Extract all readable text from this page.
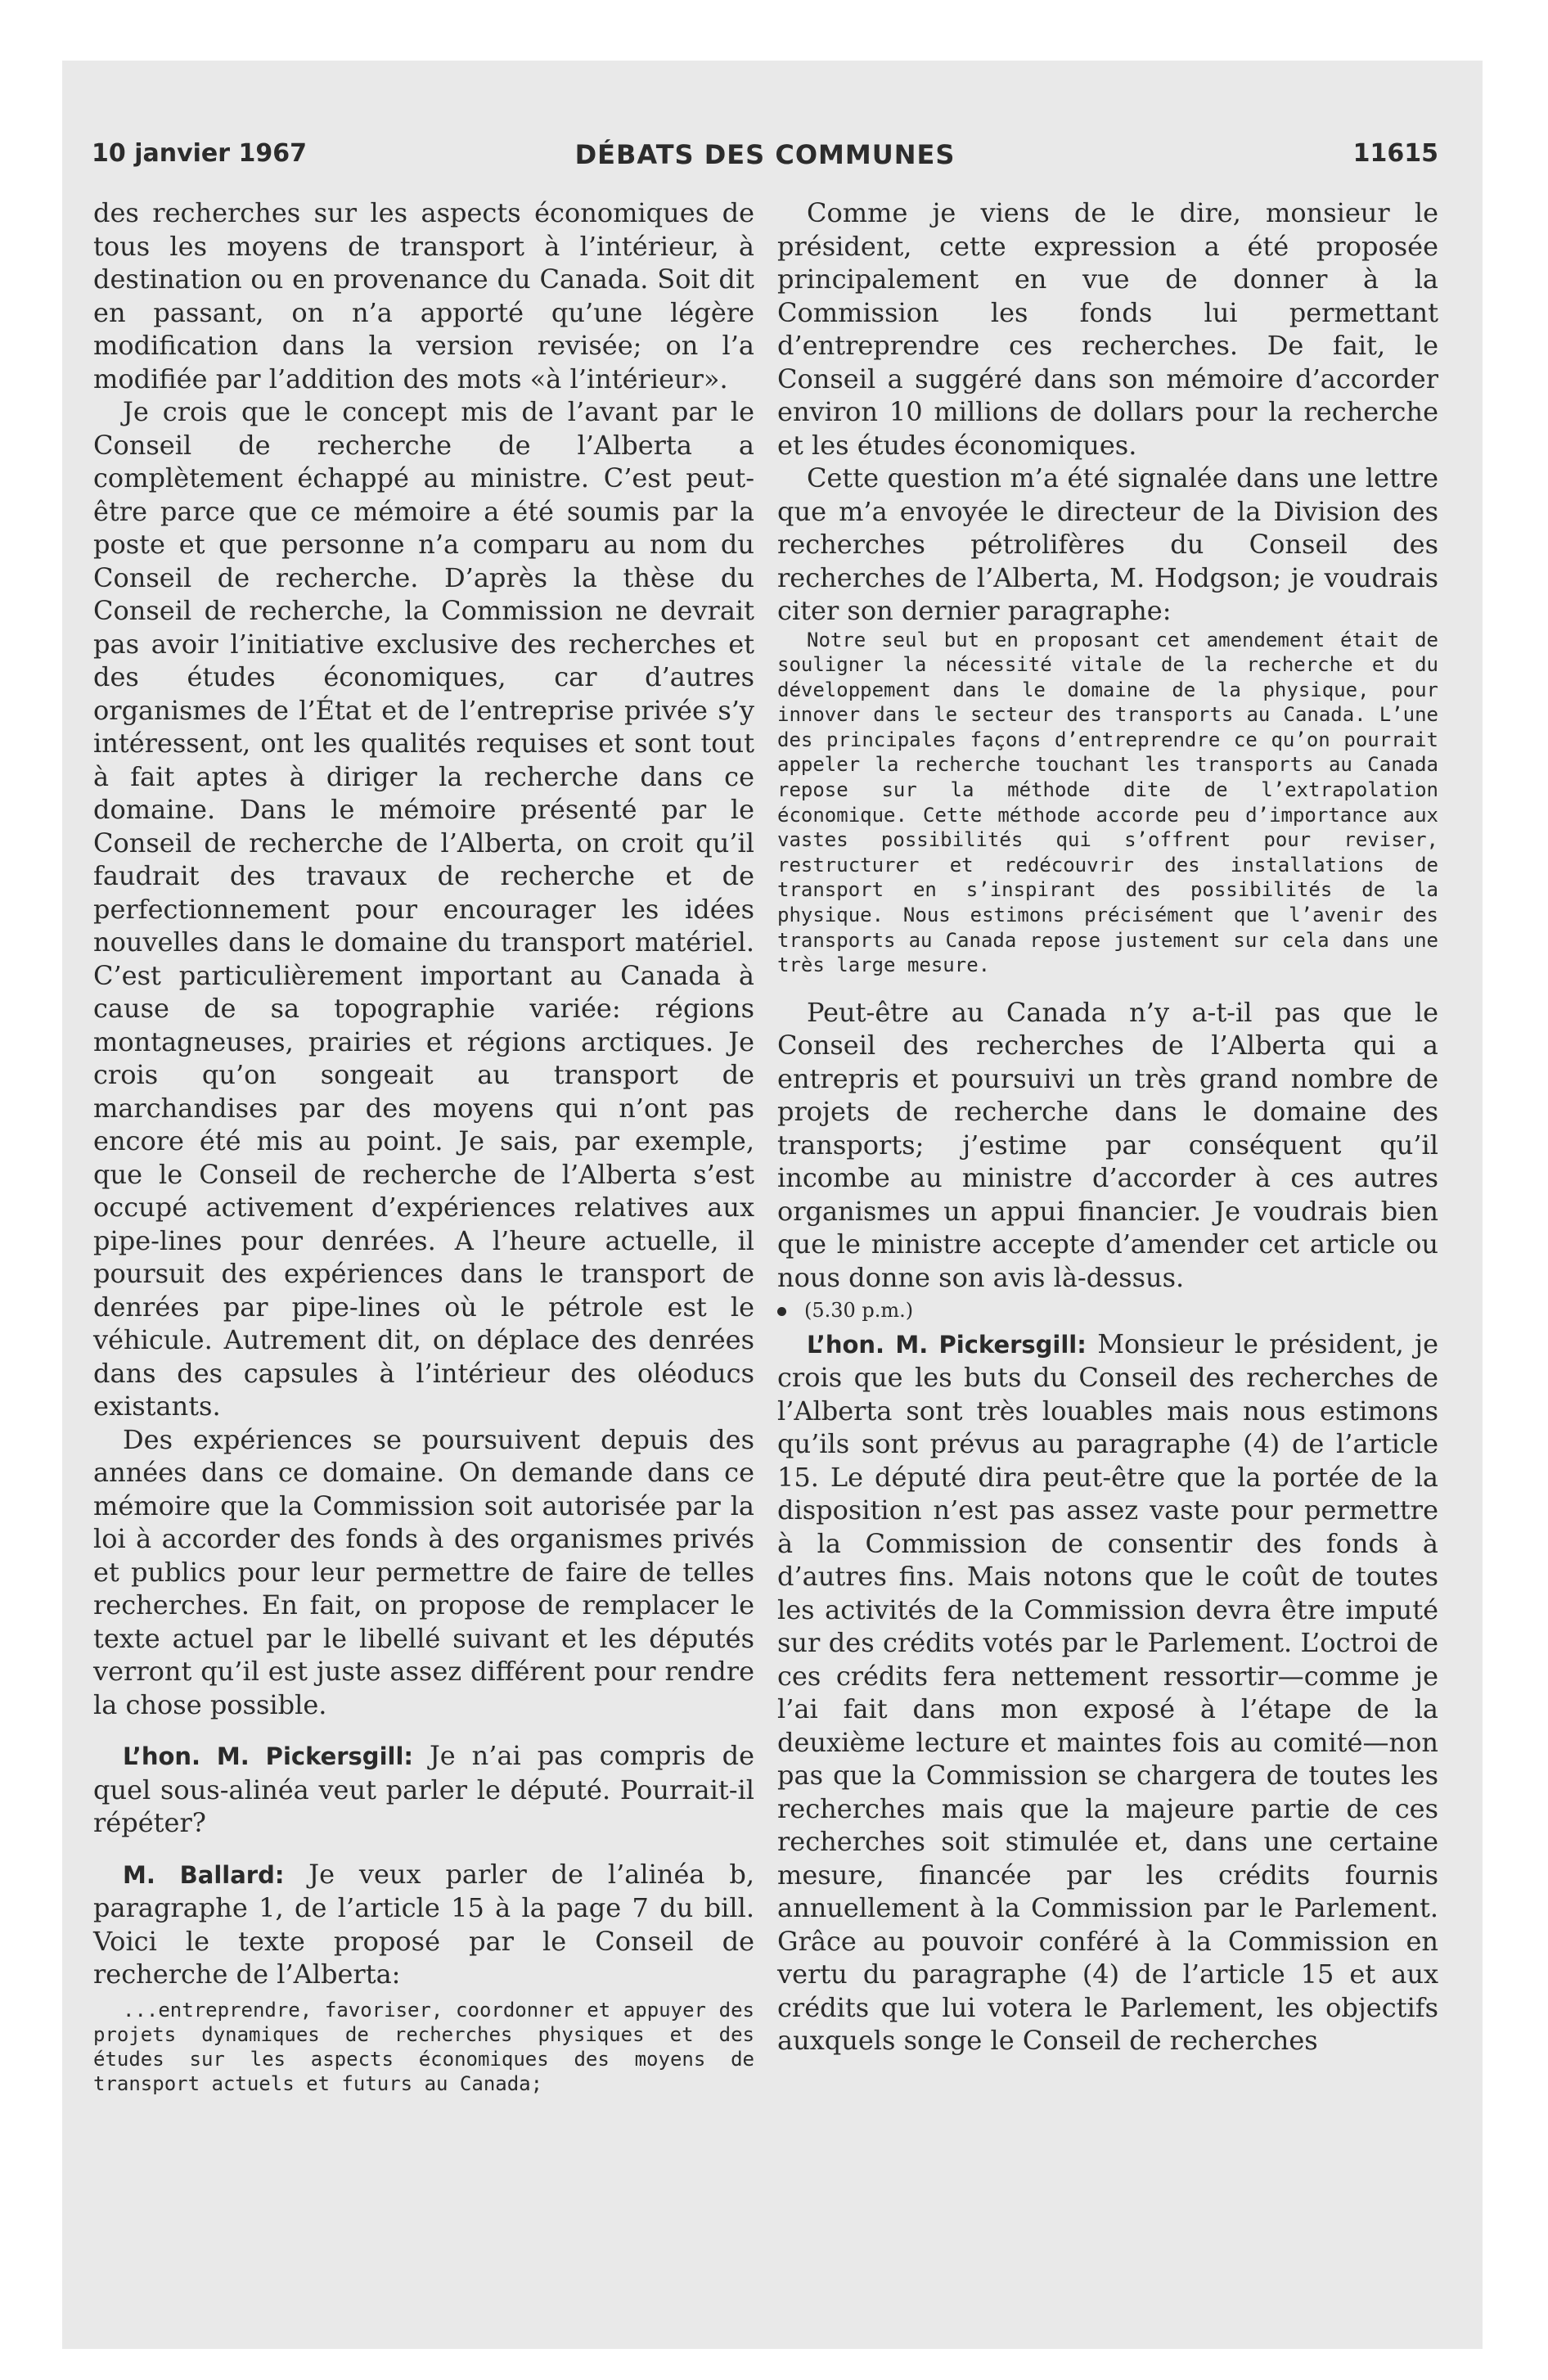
10 janvier 1967	DÉBATS DES COMMUNES	11615

des recherches sur les aspects économiques de tous les moyens de transport à l’intérieur, à destination ou en provenance du Canada. Soit dit en passant, on n’a apporté qu’une légère modification dans la version revisée; on l’a modifiée par l’addition des mots «à l’intérieur».

Je crois que le concept mis de l’avant par le Conseil de recherche de l’Alberta a complètement échappé au ministre. C’est peut-être parce que ce mémoire a été soumis par la poste et que personne n’a comparu au nom du Conseil de recherche. D’après la thèse du Conseil de recherche, la Commission ne devrait pas avoir l’initiative exclusive des recherches et des études économiques, car d’autres organismes de l’État et de l’entreprise privée s’y intéressent, ont les qualités requises et sont tout à fait aptes à diriger la recherche dans ce domaine. Dans le mémoire présenté par le Conseil de recherche de l’Alberta, on croit qu’il faudrait des travaux de recherche et de perfectionnement pour encourager les idées nouvelles dans le domaine du transport matériel. C’est particulièrement important au Canada à cause de sa topographie variée: régions montagneuses, prairies et régions arctiques. Je crois qu’on songeait au transport de marchandises par des moyens qui n’ont pas encore été mis au point. Je sais, par exemple, que le Conseil de recherche de l’Alberta s’est occupé activement d’expériences relatives aux pipe-lines pour denrées. A l’heure actuelle, il poursuit des expériences dans le transport de denrées par pipe-lines où le pétrole est le véhicule. Autrement dit, on déplace des denrées dans des capsules à l’intérieur des oléoducs existants.

Des expériences se poursuivent depuis des années dans ce domaine. On demande dans ce mémoire que la Commission soit autorisée par la loi à accorder des fonds à des organismes privés et publics pour leur permettre de faire de telles recherches. En fait, on propose de remplacer le texte actuel par le libellé suivant et les députés verront qu’il est juste assez différent pour rendre la chose possible.

L’hon. M. Pickersgill: Je n’ai pas compris de quel sous-alinéa veut parler le député. Pourrait-il répéter?

M. Ballard: Je veux parler de l’alinéa b, paragraphe 1, de l’article 15 à la page 7 du bill. Voici le texte proposé par le Conseil de recherche de l’Alberta:

...entreprendre, favoriser, coordonner et appuyer des projets dynamiques de recherches physiques et des études sur les aspects économiques des moyens de transport actuels et futurs au Canada;

Comme je viens de le dire, monsieur le président, cette expression a été proposée principalement en vue de donner à la Commission les fonds lui permettant d’entreprendre ces recherches. De fait, le Conseil a suggéré dans son mémoire d’accorder environ 10 millions de dollars pour la recherche et les études économiques.

Cette question m’a été signalée dans une lettre que m’a envoyée le directeur de la Division des recherches pétrolifères du Conseil des recherches de l’Alberta, M. Hodgson; je voudrais citer son dernier paragraphe:

Notre seul but en proposant cet amendement était de souligner la nécessité vitale de la recherche et du développement dans le domaine de la physique, pour innover dans le secteur des transports au Canada. L’une des principales façons d’entreprendre ce qu’on pourrait appeler la recherche touchant les transports au Canada repose sur la méthode dite de l’extrapolation économique. Cette méthode accorde peu d’importance aux vastes possibilités qui s’offrent pour reviser, restructurer et redécouvrir des installations de transport en s’inspirant des possibilités de la physique. Nous estimons précisément que l’avenir des transports au Canada repose justement sur cela dans une très large mesure.

Peut-être au Canada n’y a-t-il pas que le Conseil des recherches de l’Alberta qui a entrepris et poursuivi un très grand nombre de projets de recherche dans le domaine des transports; j’estime par conséquent qu’il incombe au ministre d’accorder à ces autres organismes un appui financier. Je voudrais bien que le ministre accepte d’amender cet article ou nous donne son avis là-dessus.

(5.30 p.m.)

L’hon. M. Pickersgill: Monsieur le président, je crois que les buts du Conseil des recherches de l’Alberta sont très louables mais nous estimons qu’ils sont prévus au paragraphe (4) de l’article 15. Le député dira peut-être que la portée de la disposition n’est pas assez vaste pour permettre à la Commission de consentir des fonds à d’autres fins. Mais notons que le coût de toutes les activités de la Commission devra être imputé sur des crédits votés par le Parlement. L’octroi de ces crédits fera nettement ressortir—comme je l’ai fait dans mon exposé à l’étape de la deuxième lecture et maintes fois au comité—non pas que la Commission se chargera de toutes les recherches mais que la majeure partie de ces recherches soit stimulée et, dans une certaine mesure, financée par les crédits fournis annuellement à la Commission par le Parlement. Grâce au pouvoir conféré à la Commission en vertu du paragraphe (4) de l’article 15 et aux crédits que lui votera le Parlement, les objectifs auxquels songe le Conseil de recherches
